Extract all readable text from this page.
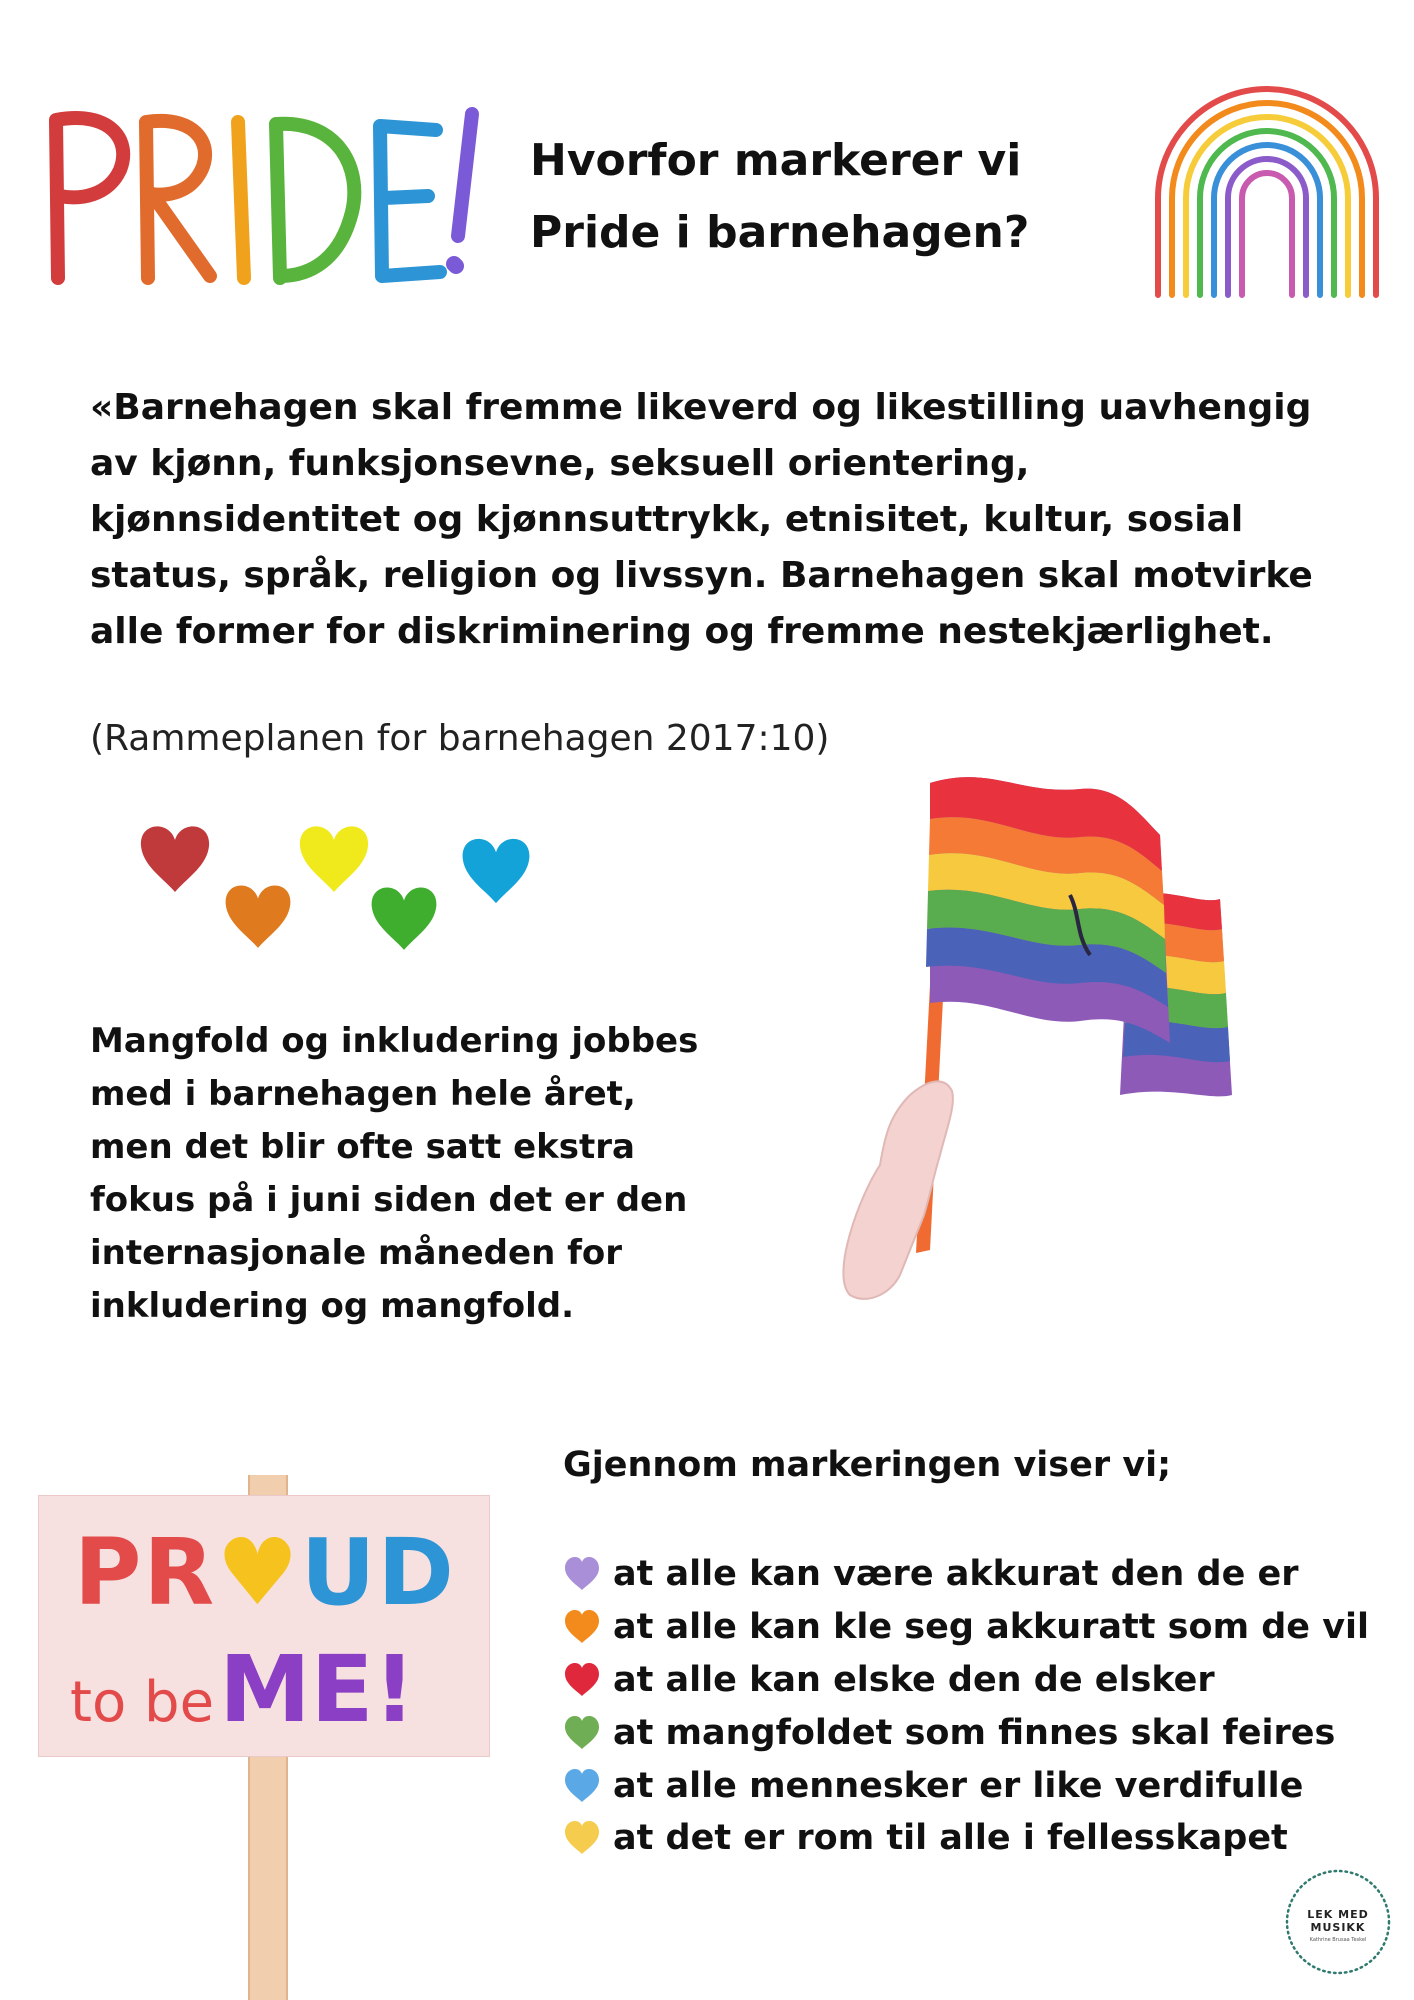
Hvorfor markerer vi
Pride i barnehagen?

«Barnehagen skal fremme likeverd og likestilling uavhengig av kjønn, funksjonsevne, seksuell orientering, kjønnsidentitet og kjønnsuttrykk, etnisitet, kultur, sosial status, språk, religion og livssyn. Barnehagen skal motvirke alle former for diskriminering og fremme nestekjærlighet.

(Rammeplanen for barnehagen 2017:10)

Mangfold og inkludering jobbes med i barnehagen hele året, men det blir ofte satt ekstra fokus på i juni siden det er den internasjonale måneden for inkludering og mangfold.

PR♥UD
to be ME!

Gjennom markeringen viser vi;

at alle kan være akkurat den de er
at alle kan kle seg akkuratt som de vil
at alle kan elske den de elsker
at mangfoldet som finnes skal feires
at alle mennesker er like verdifulle
at det er rom til alle i fellesskapet
LEK MED
MUSIKK
Kathrine Brusaa Teskel
